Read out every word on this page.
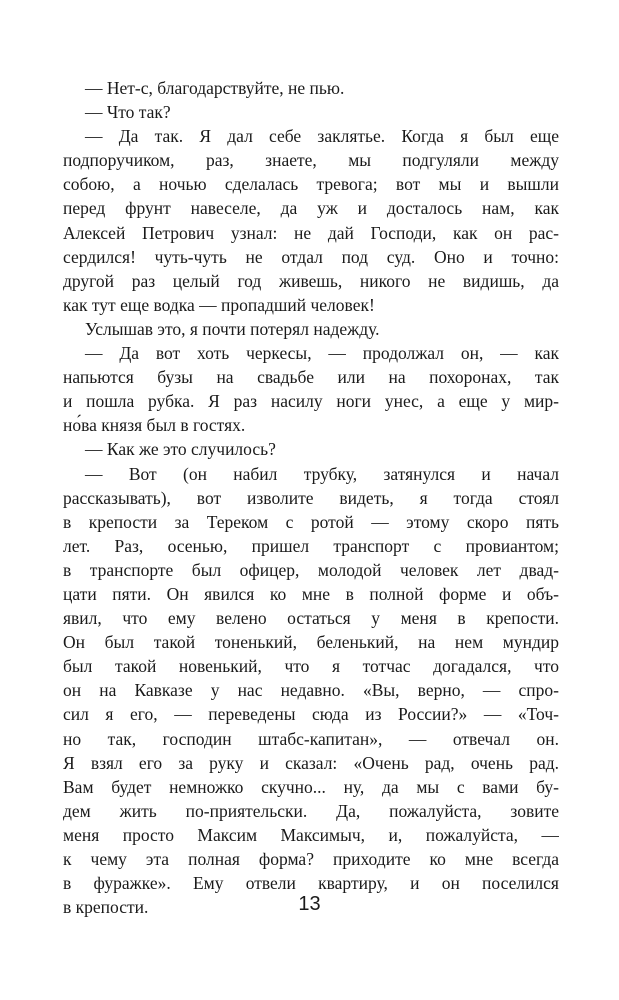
— Нет-с, благодарствуйте, не пью.
— Что так?
— Да так. Я дал себе заклятье. Когда я был еще
подпоручиком, раз, знаете, мы подгуляли между
собою, а ночью сделалась тревога; вот мы и вышли
перед фрунт навеселе, да уж и досталось нам, как
Алексей Петрович узнал: не дай Господи, как он рас-
сердился! чуть-чуть не отдал под суд. Оно и точно:
другой раз целый год живешь, никого не видишь, да
как тут еще водка — пропадший человек!
Услышав это, я почти потерял надежду.
— Да вот хоть черкесы, — продолжал он, — как
напьются бузы на свадьбе или на похоронах, так
и пошла рубка. Я раз насилу ноги унес, а еще у мир-
но́ва князя был в гостях.
— Как же это случилось?
— Вот (он набил трубку, затянулся и начал
рассказывать), вот изволите видеть, я тогда стоял
в крепости за Тереком с ротой — этому скоро пять
лет. Раз, осенью, пришел транспорт с провиантом;
в транспорте был офицер, молодой человек лет двад-
цати пяти. Он явился ко мне в полной форме и объ-
явил, что ему велено остаться у меня в крепости.
Он был такой тоненький, беленький, на нем мундир
был такой новенький, что я тотчас догадался, что
он на Кавказе у нас недавно. «Вы, верно, — спро-
сил я его, — переведены сюда из России?» — «Точ-
но так, господин штабс-капитан», — отвечал он.
Я взял его за руку и сказал: «Очень рад, очень рад.
Вам будет немножко скучно... ну, да мы с вами бу-
дем жить по-приятельски. Да, пожалуйста, зовите
меня просто Максим Максимыч, и, пожалуйста, —
к чему эта полная форма? приходите ко мне всегда
в фуражке». Ему отвели квартиру, и он поселился
в крепости.	13
